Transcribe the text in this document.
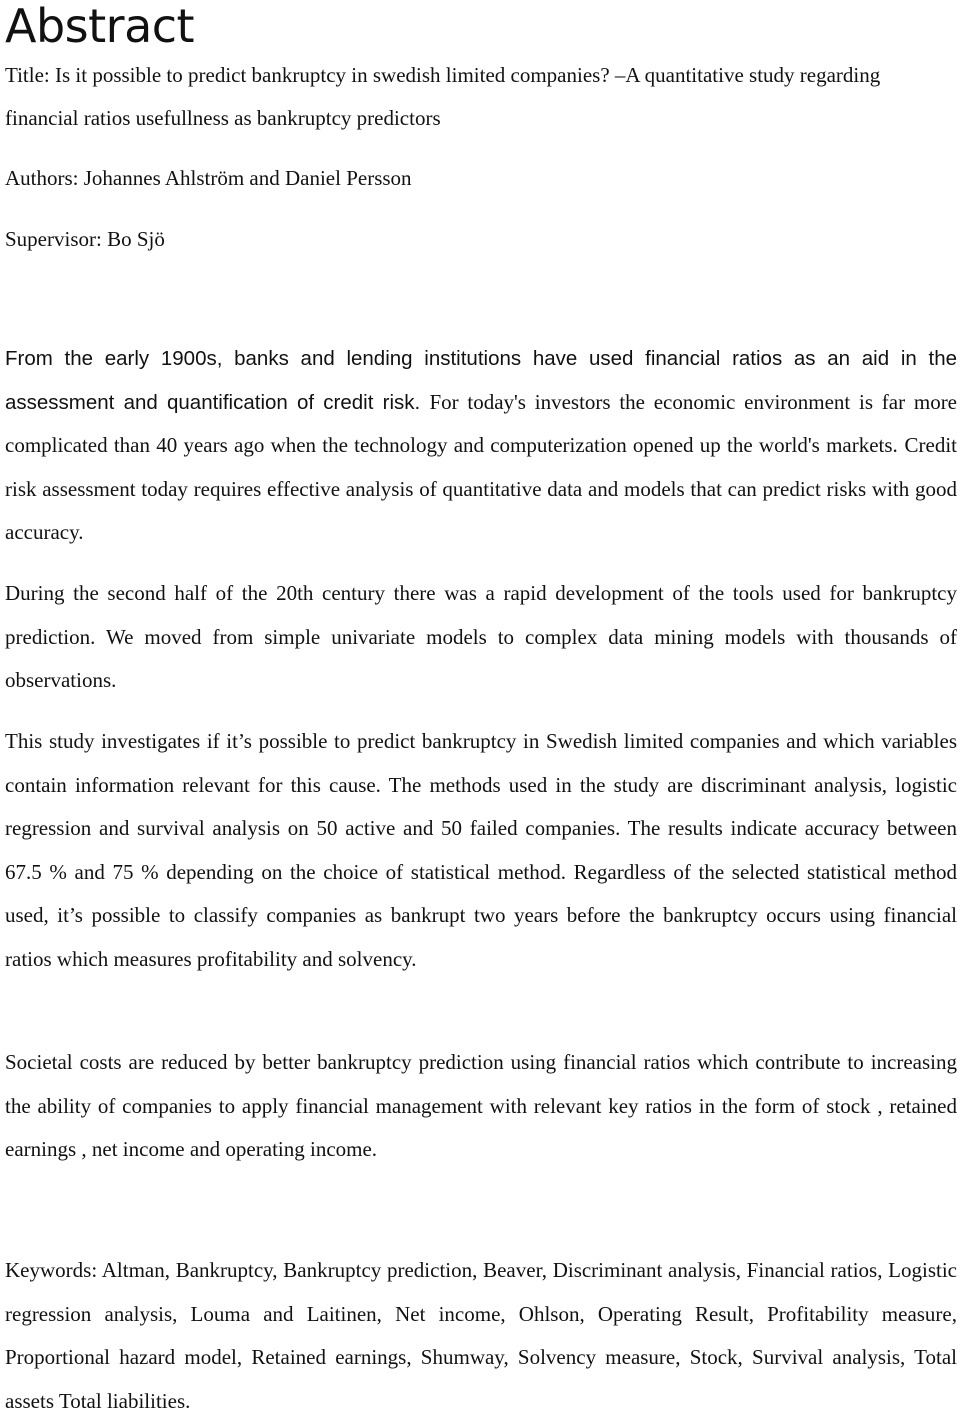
Abstract

Title: Is it possible to predict bankruptcy in swedish limited companies? –A quantitative study regarding financial ratios usefullness as bankruptcy predictors

Authors: Johannes Ahlström and Daniel Persson

Supervisor: Bo Sjö

From the early 1900s, banks and lending institutions have used financial ratios as an aid in the assessment and quantification of credit risk. For today's investors the economic environment is far more complicated than 40 years ago when the technology and computerization opened up the world's markets. Credit risk assessment today requires effective analysis of quantitative data and models that can predict risks with good accuracy.

During the second half of the 20th century there was a rapid development of the tools used for bankruptcy prediction. We moved from simple univariate models to complex data mining models with thousands of observations.

This study investigates if it’s possible to predict bankruptcy in Swedish limited companies and which variables contain information relevant for this cause. The methods used in the study are discriminant analysis, logistic regression and survival analysis on 50 active and 50 failed companies. The results indicate accuracy between 67.5 % and 75 % depending on the choice of statistical method. Regardless of the selected statistical method used, it’s possible to classify companies as bankrupt two years before the bankruptcy occurs using financial ratios which measures profitability and solvency.

Societal costs are reduced by better bankruptcy prediction using financial ratios which contribute to increasing the ability of companies to apply financial management with relevant key ratios in the form of stock , retained earnings , net income and operating income.

Keywords: Altman, Bankruptcy, Bankruptcy prediction, Beaver, Discriminant analysis, Financial ratios, Logistic regression analysis, Louma and Laitinen, Net income, Ohlson, Operating Result, Profitability measure, Proportional hazard model, Retained earnings, Shumway, Solvency measure, Stock, Survival analysis, Total assets Total liabilities.
